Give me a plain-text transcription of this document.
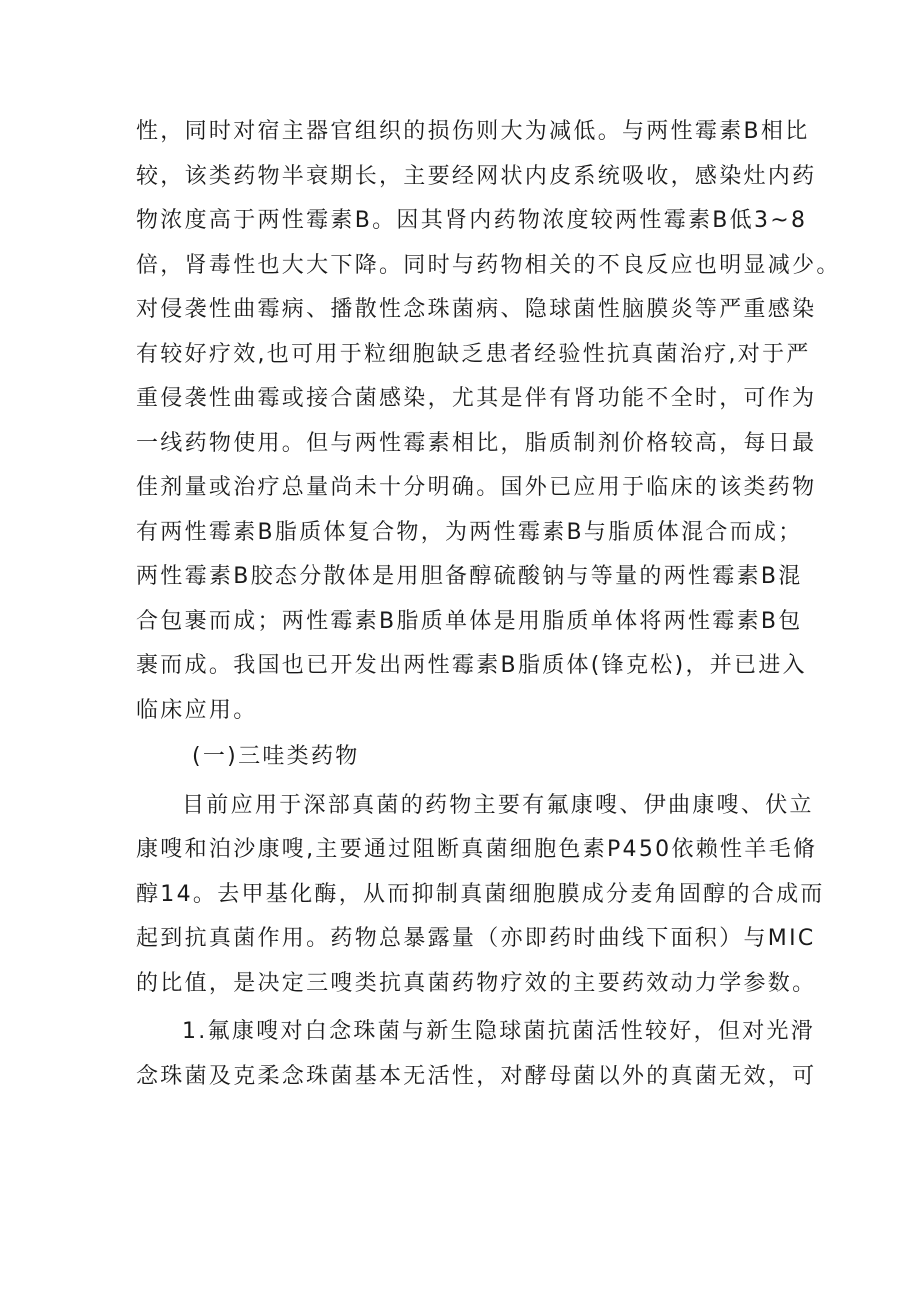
性，同时对宿主器官组织的损伤则大为减低。与两性霉素B相比
较，该类药物半衰期长，主要经网状内皮系统吸收，感染灶内药
物浓度高于两性霉素B。因其肾内药物浓度较两性霉素B低3~8
倍，肾毒性也大大下降。同时与药物相关的不良反应也明显减少。
对侵袭性曲霉病、播散性念珠菌病、隐球菌性脑膜炎等严重感染
有较好疗效,也可用于粒细胞缺乏患者经验性抗真菌治疗,对于严
重侵袭性曲霉或接合菌感染，尤其是伴有肾功能不全时，可作为
一线药物使用。但与两性霉素相比，脂质制剂价格较高，每日最
佳剂量或治疗总量尚未十分明确。国外已应用于临床的该类药物
有两性霉素B脂质体复合物，为两性霉素B与脂质体混合而成；
两性霉素B胶态分散体是用胆备醇硫酸钠与等量的两性霉素B混
合包裹而成；两性霉素B脂质单体是用脂质单体将两性霉素B包
裹而成。我国也已开发出两性霉素B脂质体(锋克松)，并已进入
临床应用。
(一)三哇类药物
目前应用于深部真菌的药物主要有氟康嗖、伊曲康嗖、伏立
康嗖和泊沙康嗖,主要通过阻断真菌细胞色素P450依赖性羊毛脩
醇14。去甲基化酶，从而抑制真菌细胞膜成分麦角固醇的合成而
起到抗真菌作用。药物总暴露量（亦即药时曲线下面积）与MIC
的比值，是决定三嗖类抗真菌药物疗效的主要药效动力学参数。
1.氟康嗖对白念珠菌与新生隐球菌抗菌活性较好，但对光滑
念珠菌及克柔念珠菌基本无活性，对酵母菌以外的真菌无效，可
